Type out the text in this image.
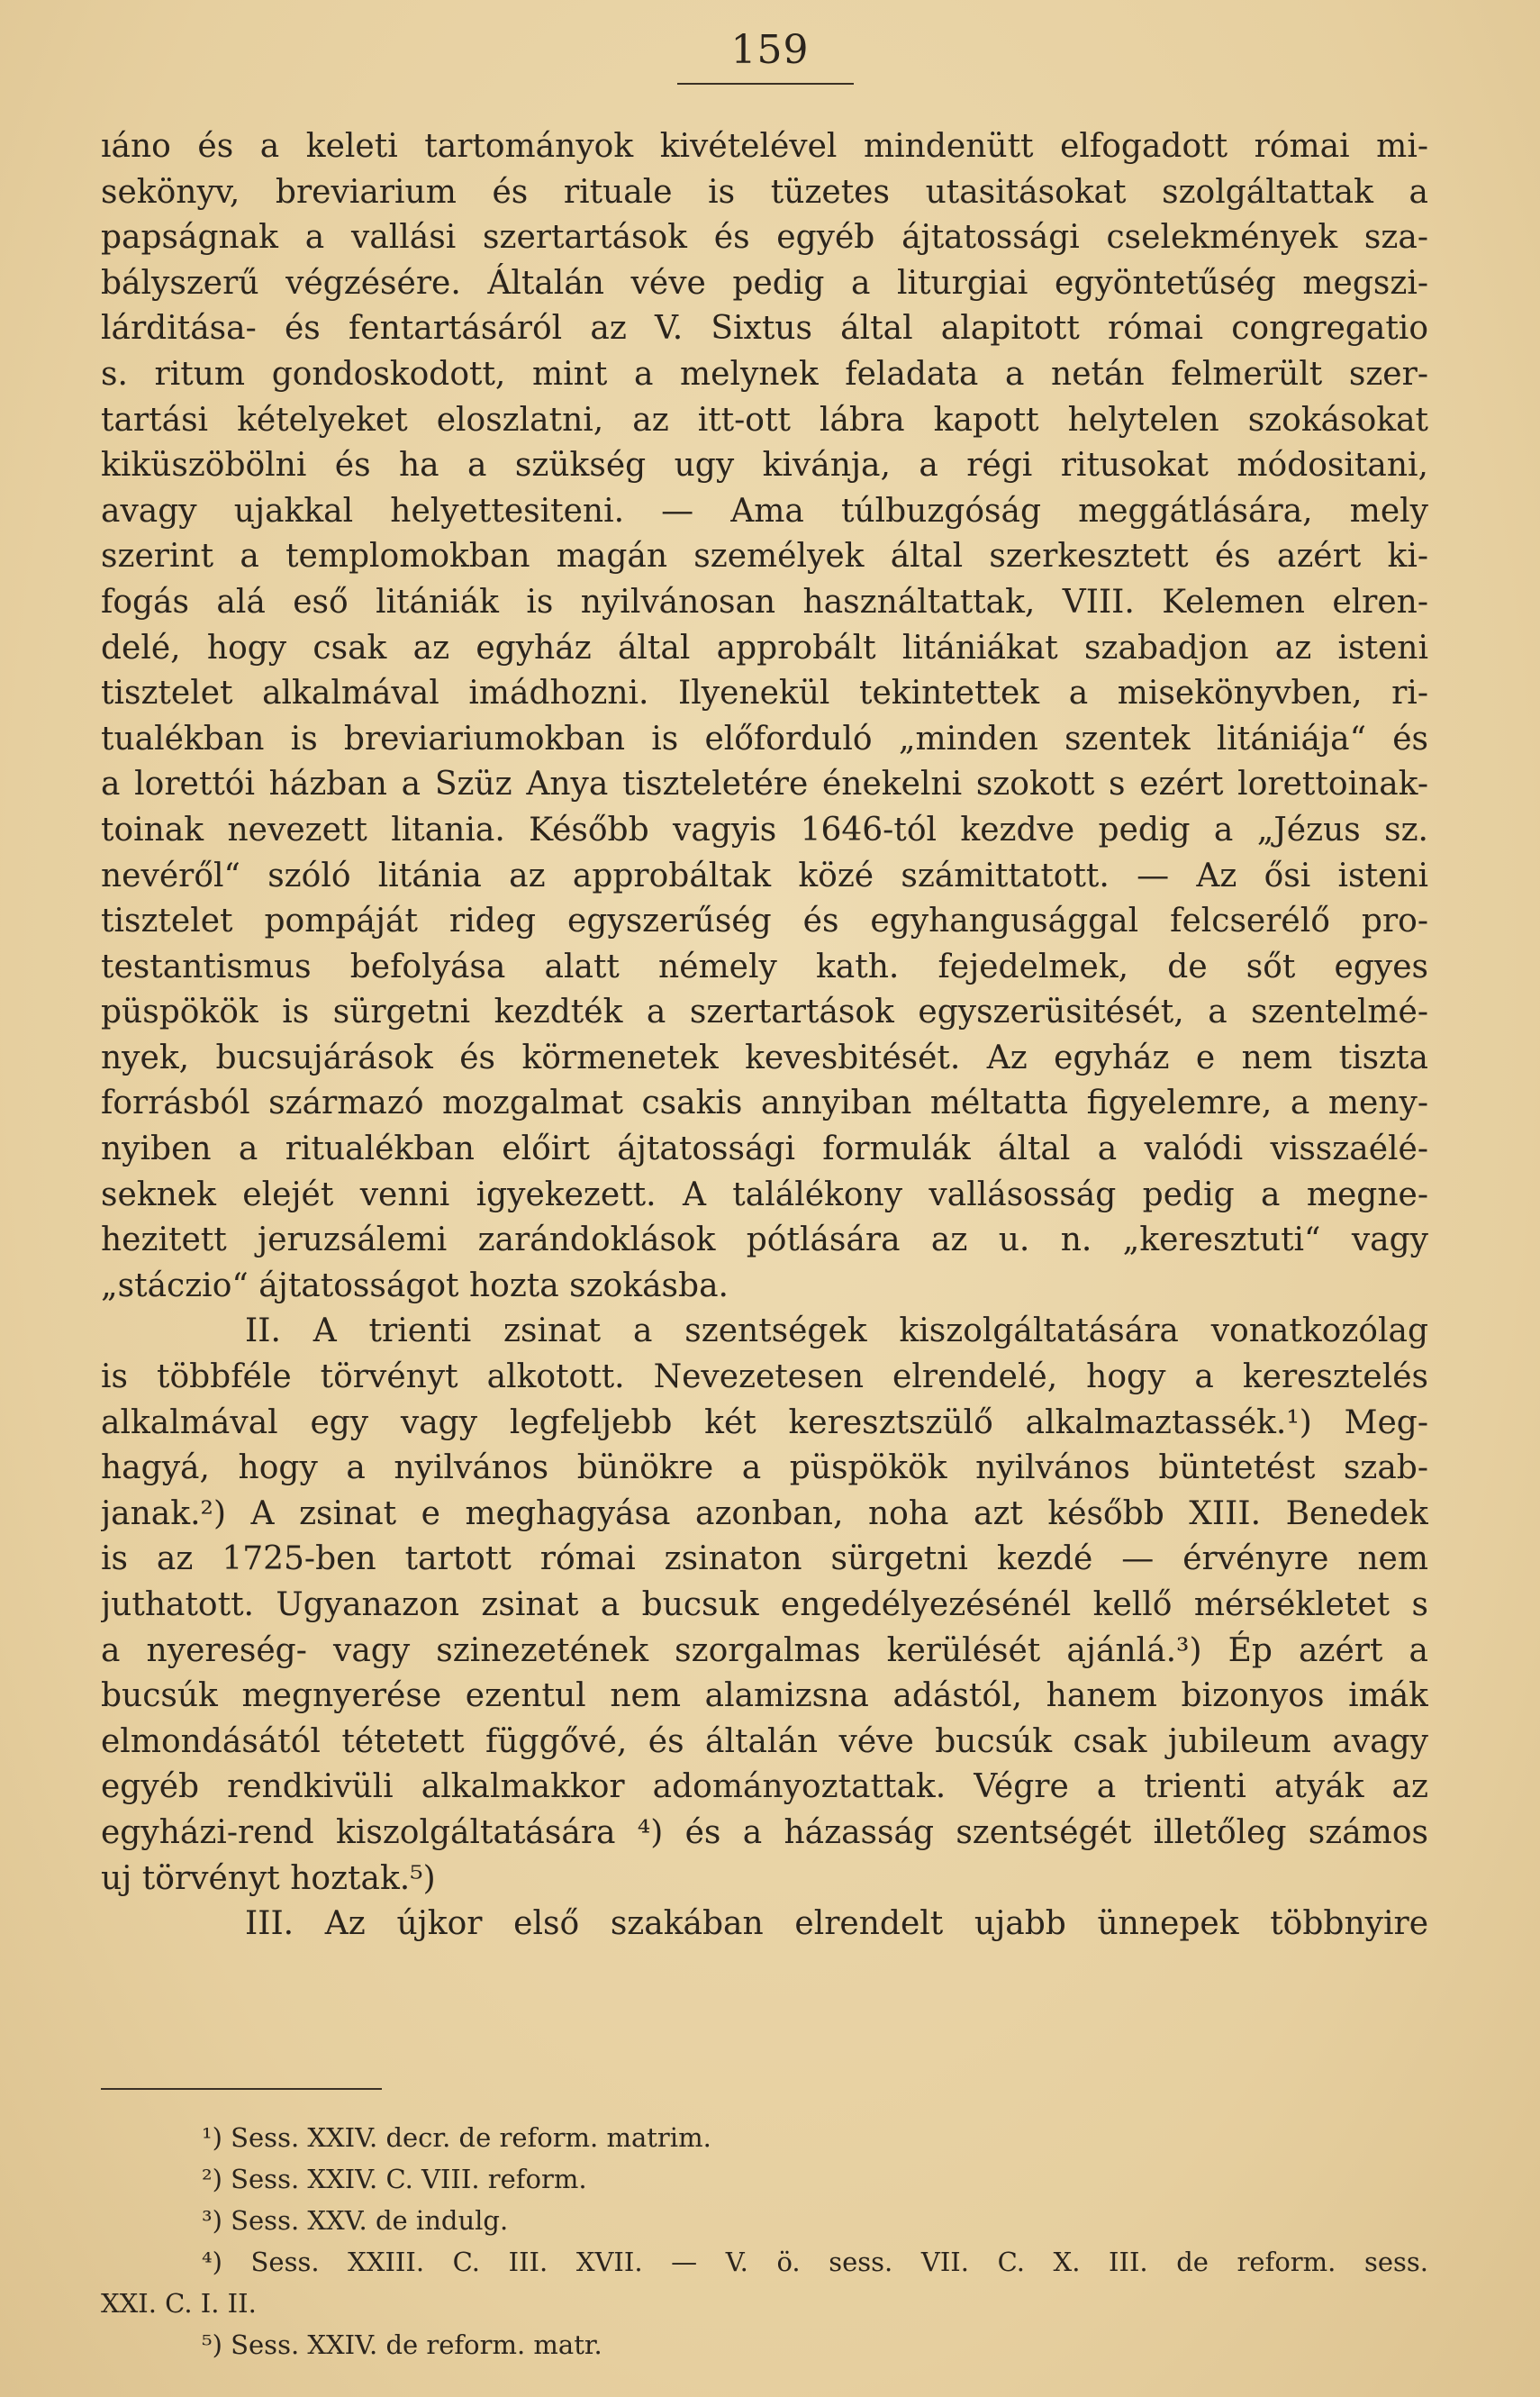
159
ıáno és a keleti tartományok kivételével mindenütt elfogadott római mi-
sekönyv, breviarium és rituale is tüzetes utasitásokat szolgáltattak a
papságnak a vallási szertartások és egyéb ájtatossági cselekmények sza-
bályszerű végzésére. Általán véve pedig a liturgiai egyöntetűség megszi-
lárditása- és fentartásáról az V. Sixtus által alapitott római congregatio
s. ritum gondoskodott, mint a melynek feladata a netán felmerült szer-
tartási kételyeket eloszlatni, az itt-ott lábra kapott helytelen szokásokat
kiküszöbölni és ha a szükség ugy kivánja, a régi ritusokat módositani,
avagy ujakkal helyettesiteni. — Ama túlbuzgóság meggátlására, mely
szerint a templomokban magán személyek által szerkesztett és azért ki-
fogás alá eső litániák is nyilvánosan használtattak, VIII. Kelemen elren-
delé, hogy csak az egyház által approbált litániákat szabadjon az isteni
tisztelet alkalmával imádhozni. Ilyenekül tekintettek a misekönyvben, ri-
tualékban is breviariumokban is előforduló „minden szentek litániája“ és
a lorettói házban a Szüz Anya tiszteletére énekelni szokott s ezért lorettoinak-
toinak nevezett litania. Később vagyis 1646-tól kezdve pedig a „Jézus sz.
nevéről“ szóló litánia az approbáltak közé számittatott. — Az ősi isteni
tisztelet pompáját rideg egyszerűség és egyhangusággal felcserélő pro-
testantismus befolyása alatt némely kath. fejedelmek, de sőt egyes
püspökök is sürgetni kezdték a szertartások egyszerüsitését, a szentelmé-
nyek, bucsujárások és körmenetek kevesbitését. Az egyház e nem tiszta
forrásból származó mozgalmat csakis annyiban méltatta figyelemre, a meny-
nyiben a ritualékban előirt ájtatossági formulák által a valódi visszaélé-
seknek elejét venni igyekezett. A találékony vallásosság pedig a megne-
hezitett jeruzsálemi zarándoklások pótlására az u. n. „keresztuti“ vagy
„stáczio“ ájtatosságot hozta szokásba.
II. A trienti zsinat a szentségek kiszolgáltatására vonatkozólag
is többféle törvényt alkotott. Nevezetesen elrendelé, hogy a keresztelés
alkalmával egy vagy legfeljebb két keresztszülő alkalmaztassék.¹) Meg-
hagyá, hogy a nyilvános bünökre a püspökök nyilvános büntetést szab-
janak.²) A zsinat e meghagyása azonban, noha azt később XIII. Benedek
is az 1725-ben tartott római zsinaton sürgetni kezdé — érvényre nem
juthatott. Ugyanazon zsinat a bucsuk engedélyezésénél kellő mérsékletet s
a nyereség- vagy szinezetének szorgalmas kerülését ajánlá.³) Ép azért a
bucsúk megnyerése ezentul nem alamizsna adástól, hanem bizonyos imák
elmondásától tétetett függővé, és általán véve bucsúk csak jubileum avagy
egyéb rendkivüli alkalmakkor adományoztattak. Végre a trienti atyák az
egyházi-rend kiszolgáltatására ⁴) és a házasság szentségét illetőleg számos
uj törvényt hoztak.⁵)
III. Az újkor első szakában elrendelt ujabb ünnepek többnyire
¹) Sess. XXIV. decr. de reform. matrim.
²) Sess. XXIV. C. VIII. reform.
³) Sess. XXV. de indulg.
⁴) Sess. XXIII. C. III. XVII. — V. ö. sess. VII. C. X. III. de reform. sess.
XXI. C. I. II.
⁵) Sess. XXIV. de reform. matr.
